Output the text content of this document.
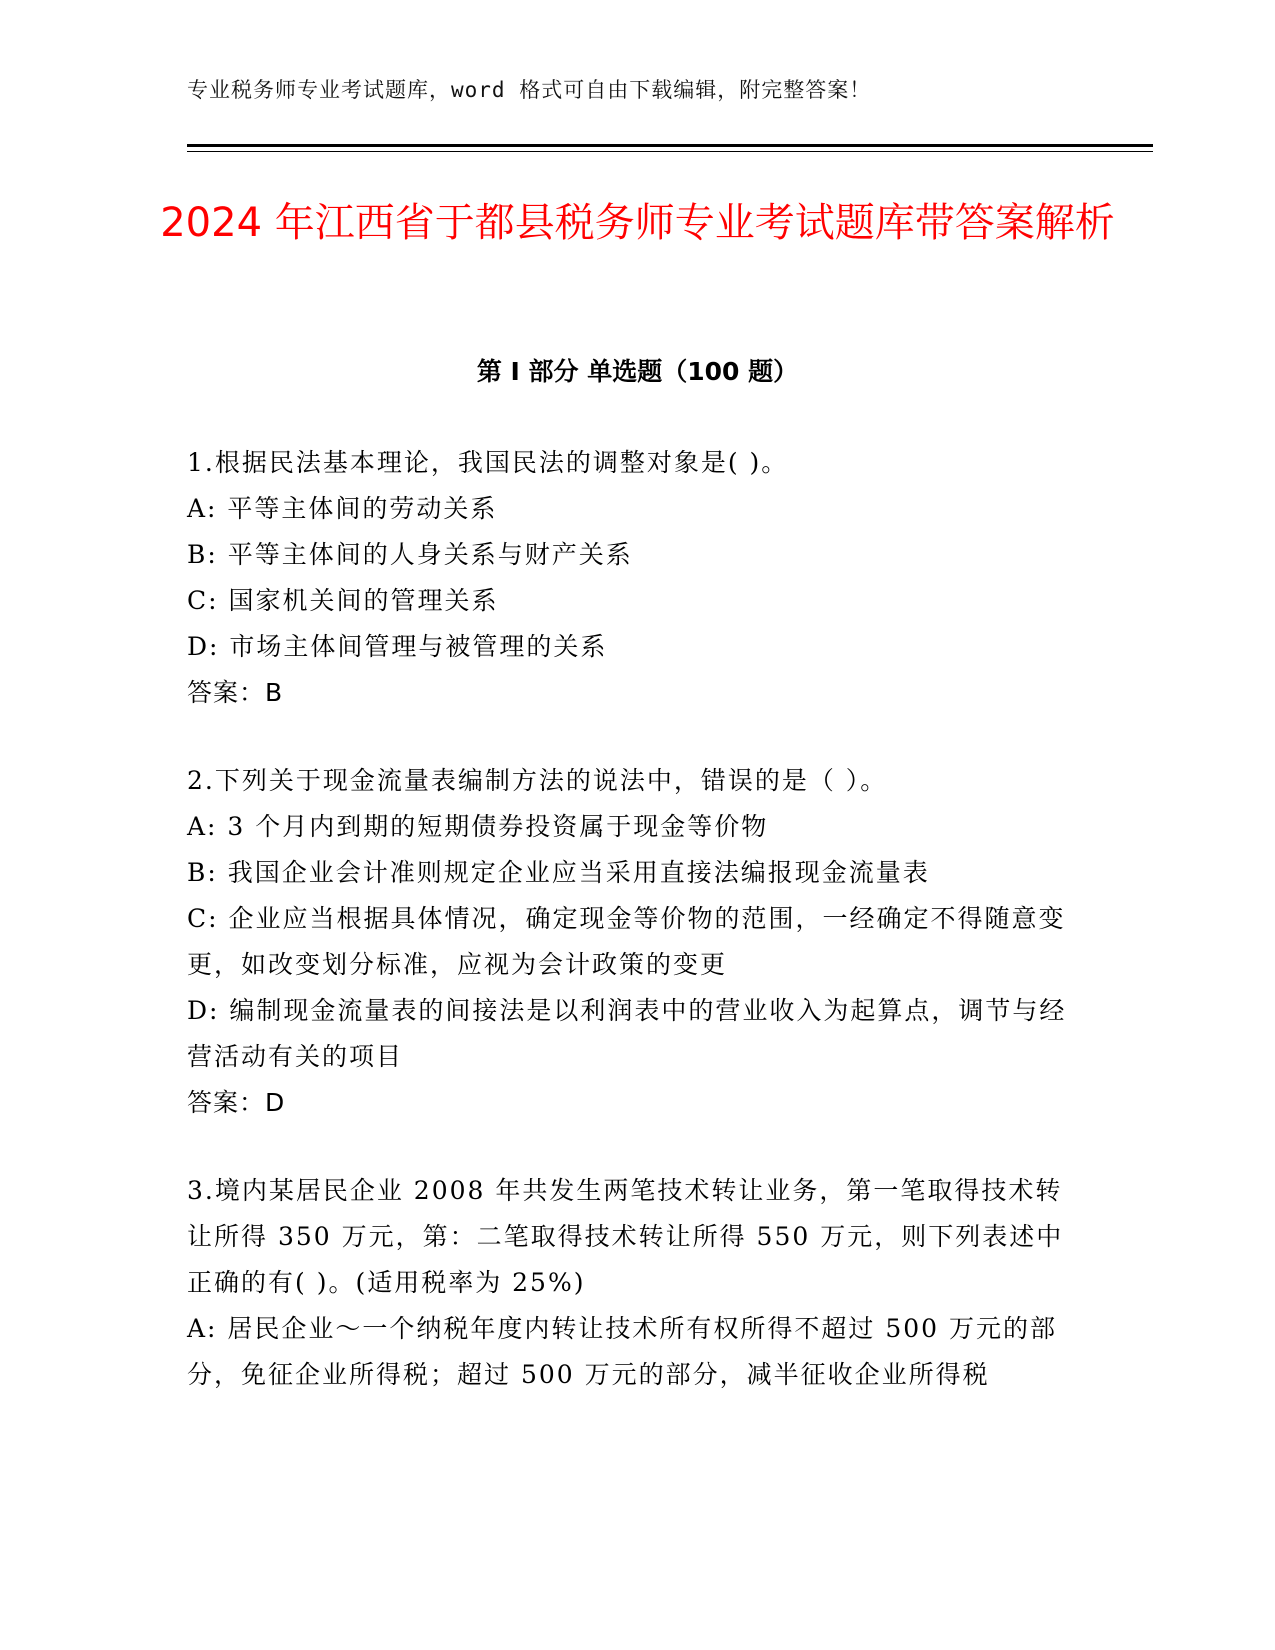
专业税务师专业考试题库，word 格式可自由下载编辑，附完整答案！
2024 年江西省于都县税务师专业考试题库带答案解析
第 I 部分 单选题（100 题）

1.根据民法基本理论，我国民法的调整对象是( )。

A: 平等主体间的劳动关系

B: 平等主体间的人身关系与财产关系

C: 国家机关间的管理关系

D: 市场主体间管理与被管理的关系

答案：B

2.下列关于现金流量表编制方法的说法中，错误的是（ ）。

A: 3 个月内到期的短期债券投资属于现金等价物

B: 我国企业会计准则规定企业应当采用直接法编报现金流量表

C: 企业应当根据具体情况，确定现金等价物的范围，一经确定不得随意变更，如改变划分标准，应视为会计政策的变更

D: 编制现金流量表的间接法是以利润表中的营业收入为起算点，调节与经营活动有关的项目

答案：D

3.境内某居民企业 2008 年共发生两笔技术转让业务，第一笔取得技术转让所得 350 万元，第：二笔取得技术转让所得 550 万元，则下列表述中正确的有( )。(适用税率为 25%)

A: 居民企业～一个纳税年度内转让技术所有权所得不超过 500 万元的部分，免征企业所得税；超过 500 万元的部分，减半征收企业所得税
